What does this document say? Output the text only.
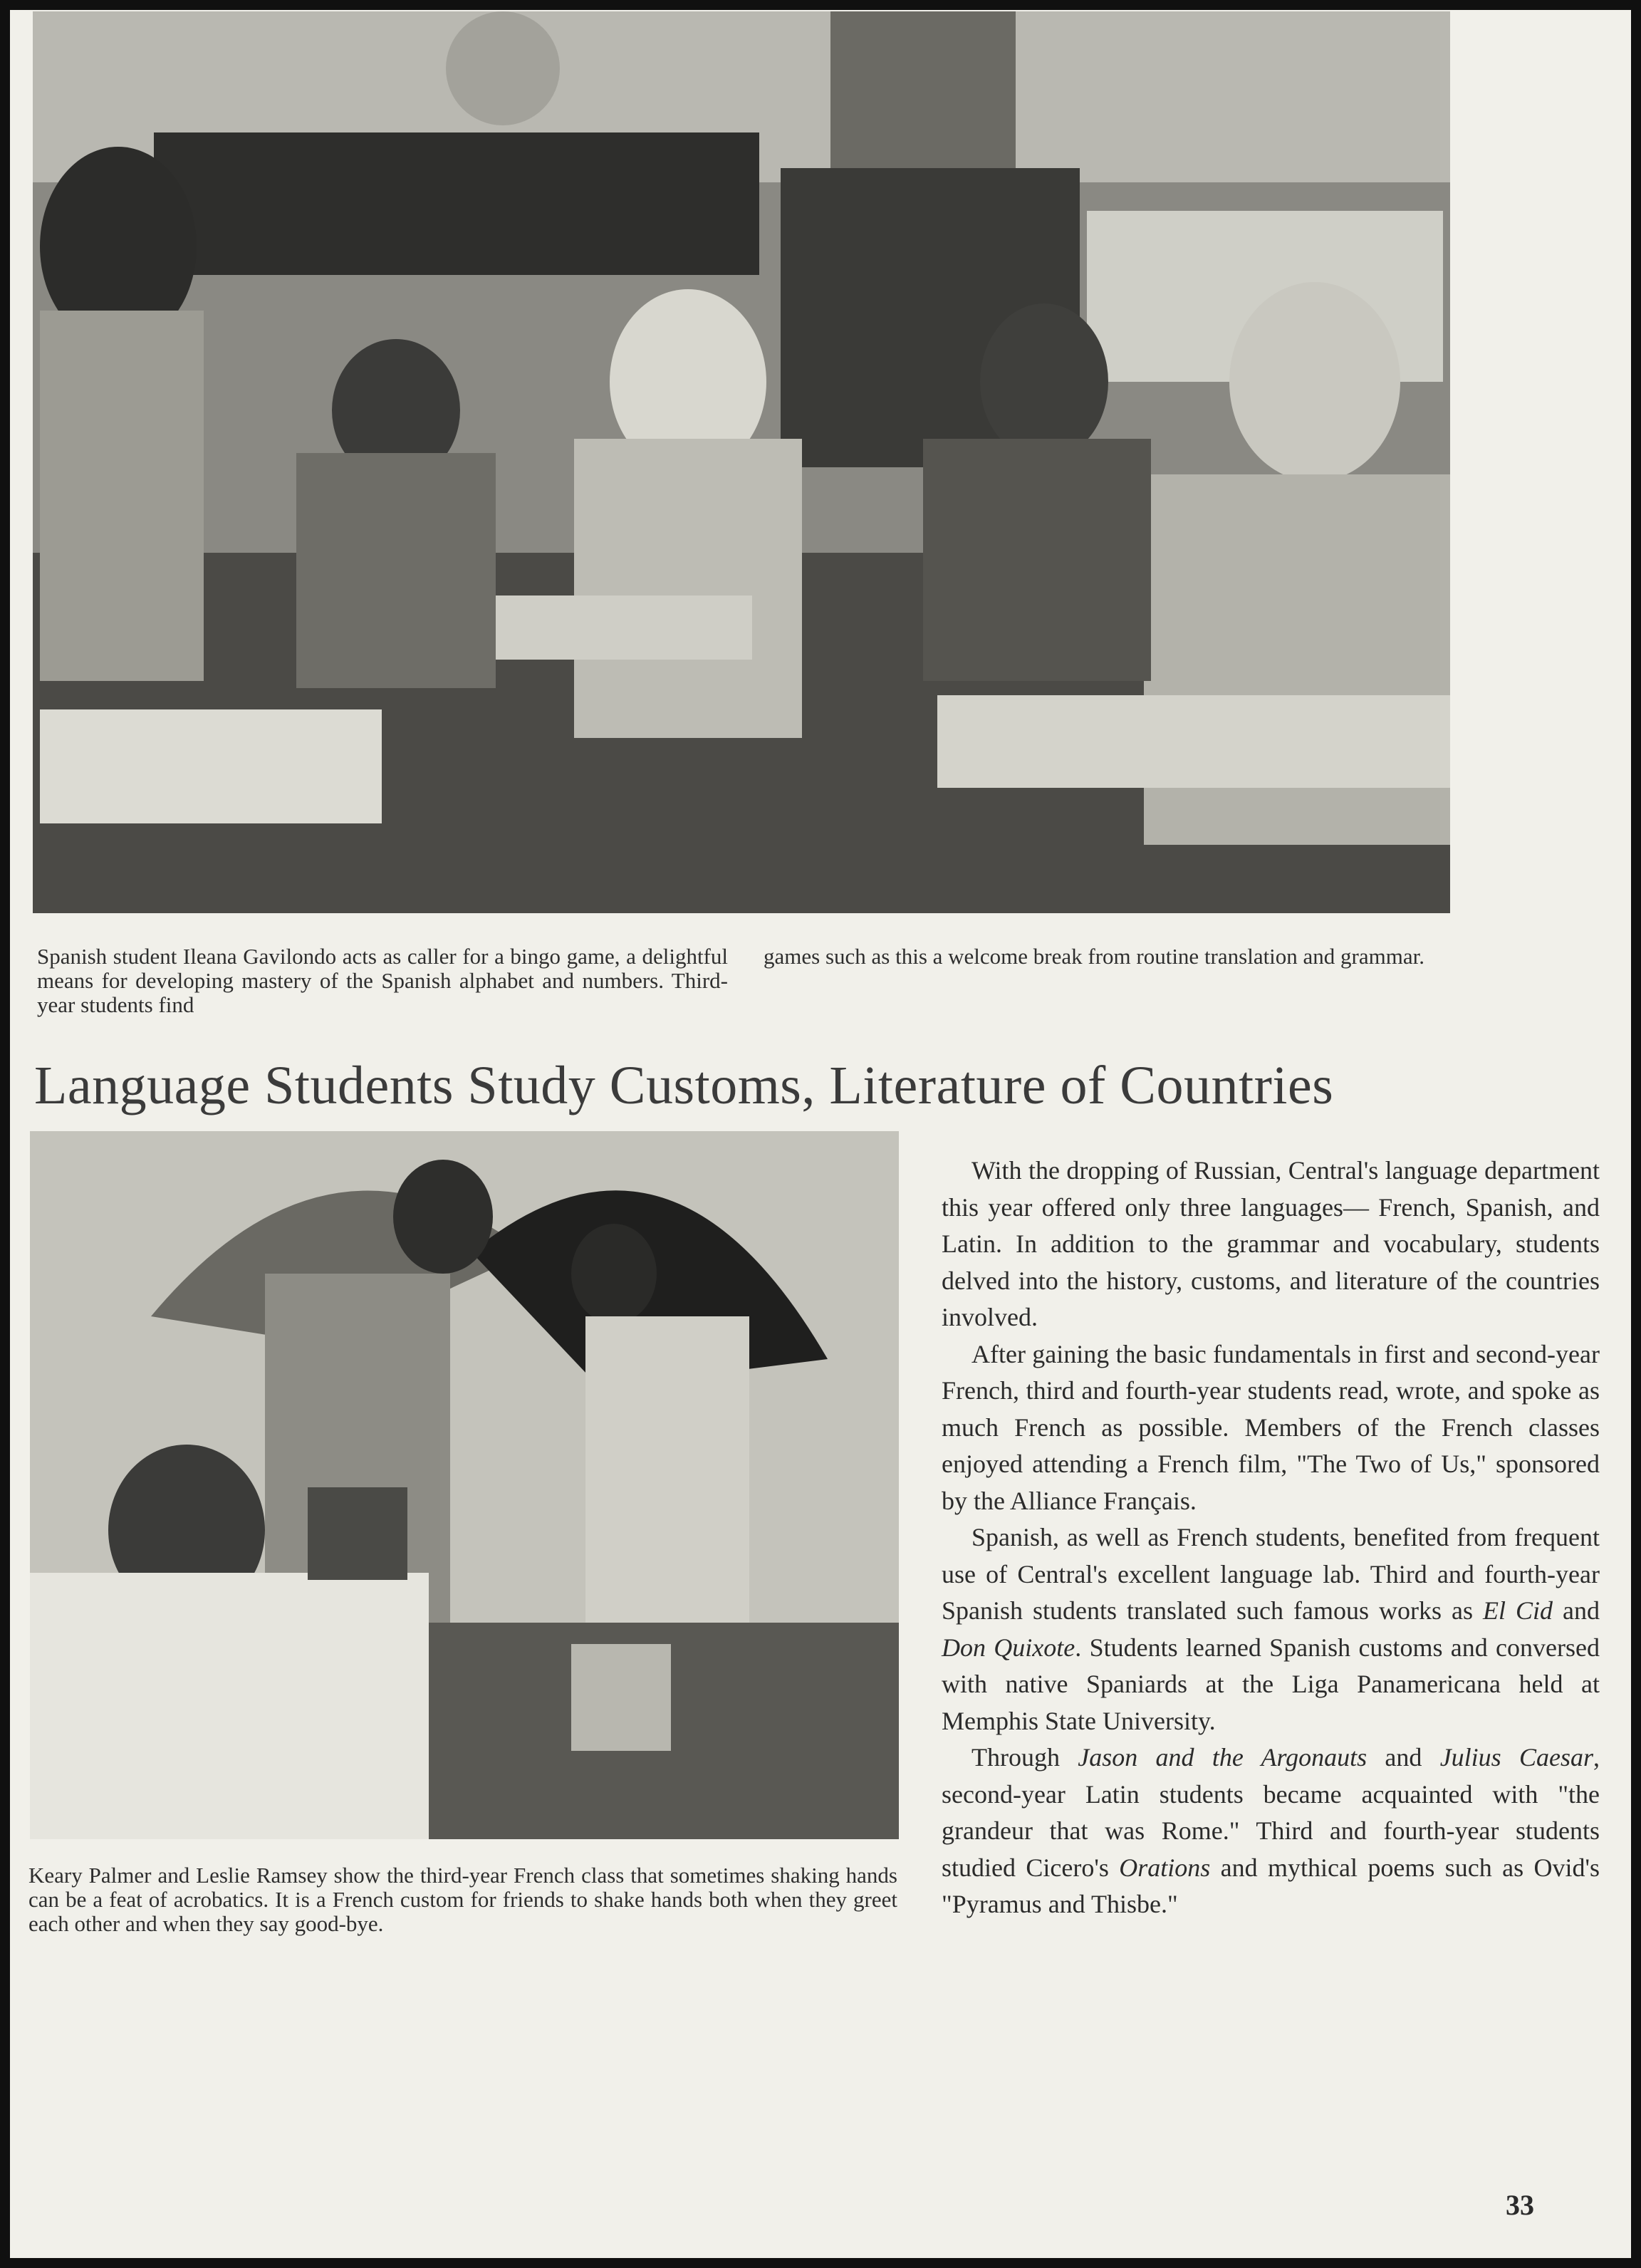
Spanish student Ileana Gavilondo acts as caller for a bingo game, a delightful means for developing mastery of the Spanish alphabet and numbers. Third-year students find
games such as this a welcome break from routine translation and grammar.
Language Students Study Customs, Literature of Countries
Keary Palmer and Leslie Ramsey show the third-year French class that sometimes shaking hands can be a feat of acrobatics. It is a French custom for friends to shake hands both when they greet each other and when they say good-bye.

With the dropping of Russian, Central's language department this year offered only three languages— French, Spanish, and Latin. In addition to the grammar and vocabulary, students delved into the history, customs, and literature of the countries involved.

After gaining the basic fundamentals in first and second-year French, third and fourth-year students read, wrote, and spoke as much French as possible. Members of the French classes enjoyed attending a French film, "The Two of Us," sponsored by the Alliance Français.

Spanish, as well as French students, benefited from frequent use of Central's excellent language lab. Third and fourth-year Spanish students translated such famous works as El Cid and Don Quixote. Students learned Spanish customs and conversed with native Spaniards at the Liga Panamericana held at Memphis State University.

Through Jason and the Argonauts and Julius Caesar, second-year Latin students became acquainted with "the grandeur that was Rome." Third and fourth-year students studied Cicero's Orations and mythical poems such as Ovid's "Pyramus and Thisbe."

33
